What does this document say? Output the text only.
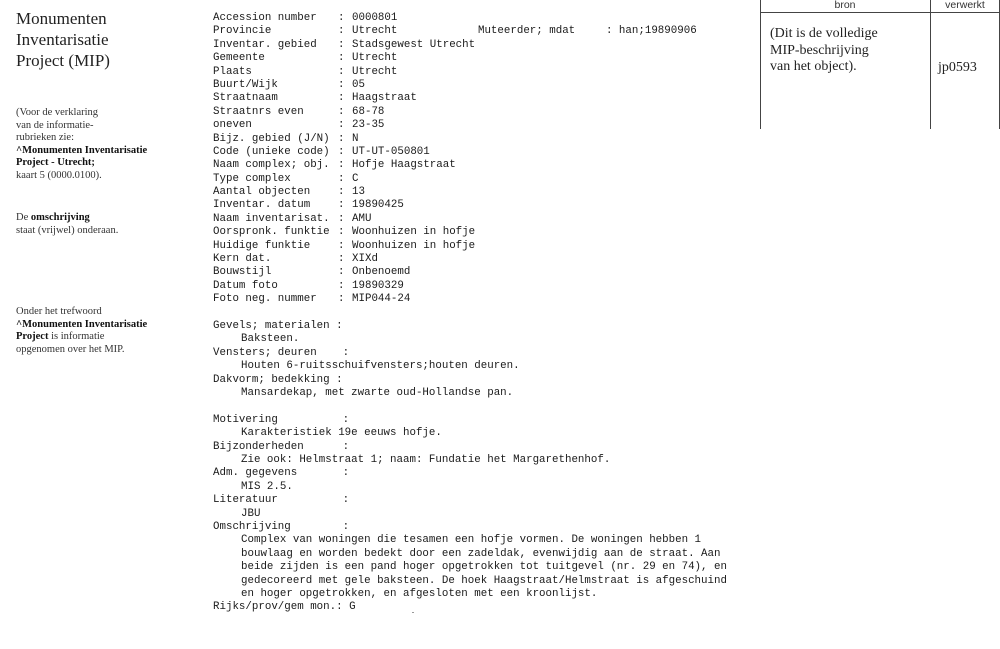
Monumenten
Inventarisatie
Project (MIP)
(Voor de verklaring
van de informatie-
rubrieken zie:
^Monumenten Inventarisatie
Project - Utrecht;
kaart 5 (0000.0100).
De omschrijving
staat (vrijwel) onderaan.
Onder het trefwoord
^Monumenten Inventarisatie
Project is informatie
opgenomen over het MIP.

Muteerder; mdat	: han;19890906

Accession number	: 0000801
Provincie	: Utrecht
Inventar. gebied	: Stadsgewest Utrecht
Gemeente	: Utrecht
Plaats	: Utrecht
Buurt/Wijk	: 05
Straatnaam	: Haagstraat
Straatnrs even	: 68-78
oneven	: 23-35
Bijz. gebied (J/N) : N
Code (unieke code) : UT-UT-050801
Naam complex; obj. : Hofje Haagstraat
Type complex	: C
Aantal objecten	: 13
Inventar. datum	: 19890425
Naam inventarisat. : AMU
Oorspronk. funktie : Woonhuizen in hofje
Huidige funktie	: Woonhuizen in hofje
Kern dat.	: XIXd
Bouwstijl	: Onbenoemd
Datum foto	: 19890329
Foto neg. nummer	: MIP044-24
Gevels; materialen
:
Baksteen.
Vensters; deuren
:
Houten 6-ruitsschuifvensters;houten deuren.
Dakvorm; bedekking
:
Mansardekap, met zwarte oud-Hollandse pan.
Motivering
	:
Karakteristiek 19e eeuws hofje.
Bijzonderheden
	:
Zie ook: Helmstraat 1; naam: Fundatie het Margarethenhof.
Adm. gegevens
	:
MIS 2.5.
Literatuur
	:
JBU
Omschrijving
	:
Complex van woningen die tesamen een hofje vormen. De woningen hebben 1
bouwlaag en worden bedekt door een zadeldak, evenwijdig aan de straat. Aan
beide zijden is een pand hoger opgetrokken tot tuitgevel (nr. 29 en 74), en
gedecoreerd met gele baksteen. De hoek Haagstraat/Helmstraat is afgeschuind
en hoger opgetrokken, en afgesloten met een kroonlijst.
Rijks/prov/gem mon. : G
bron	verwerkt
(Dit is de volledige
MIP-beschrijving
van het object).	jp0593
